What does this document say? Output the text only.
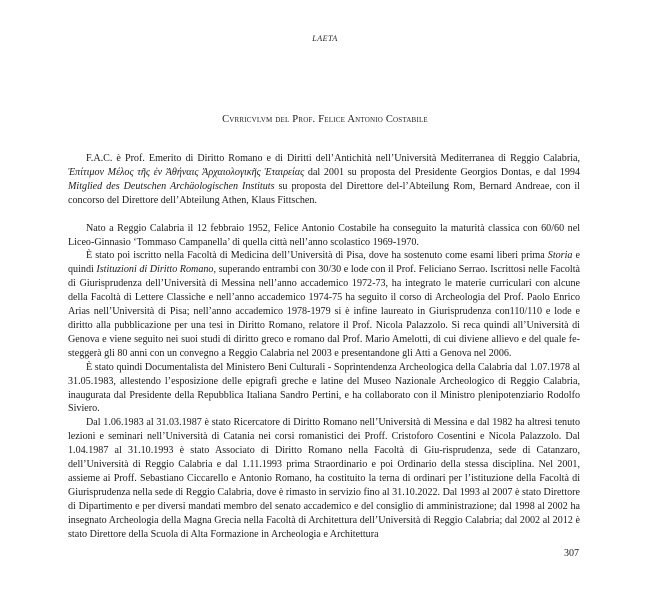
LAETA
Cvrricvlvm del Prof. Felice Antonio Costabile

F.A.C. è Prof. Emerito di Diritto Romano e di Diritti dell’Antichità nell’Università Mediterranea di Reggio Calabria, Ἐπίτιμον Μέλος τῆς ἐν Ἀθήναις Ἀρχαιολογικῆς Ἑταιρείας dal 2001 su proposta del Presidente Georgios Dontas, e dal 1994 Mitglied des Deutschen Archäologischen Instituts su proposta del Direttore del-l’Abteilung Rom, Bernard Andreae, con il concorso del Direttore dell’Abteilung Athen, Klaus Fittschen.

Nato a Reggio Calabria il 12 febbraio 1952, Felice Antonio Costabile ha conseguito la maturità classica con 60/60 nel Liceo-Ginnasio ‘Tommaso Campanella’ di quella città nell’anno scolastico 1969-1970.

È stato poi iscritto nella Facoltà di Medicina dell’Università di Pisa, dove ha sostenuto come esami liberi prima Storia e quindi Istituzioni di Diritto Romano, superando entrambi con 30/30 e lode con il Prof. Feliciano Serrao. Iscrittosi nelle Facoltà di Giurisprudenza dell’Università di Messina nell’anno accademico 1972-73, ha integrato le materie curriculari con alcune della Facoltà di Lettere Classiche e nell’anno accademico 1974-75 ha seguito il corso di Archeologia del Prof. Paolo Enrico Arias nell’Università di Pisa; nell’anno accademico 1978-1979 si è infine laureato in Giurisprudenza con110/110 e lode e diritto alla pubblicazione per una tesi in Diritto Romano, relatore il Prof. Nicola Palazzolo. Si reca quindi all’Università di Genova e viene seguito nei suoi studi di diritto greco e romano dal Prof. Mario Amelotti, di cui diviene allievo e del quale fe-steggerà gli 80 anni con un convegno a Reggio Calabria nel 2003 e presentandone gli Atti a Genova nel 2006.

È stato quindi Documentalista del Ministero Beni Culturali - Soprintendenza Archeologica della Calabria dal 1.07.1978 al 31.05.1983, allestendo l’esposizione delle epigrafi greche e latine del Museo Nazionale Archeologico di Reggio Calabria, inaugurata dal Presidente della Repubblica Italiana Sandro Pertini, e ha collaborato con il Ministro plenipotenziario Rodolfo Siviero.

Dal 1.06.1983 al 31.03.1987 è stato Ricercatore di Diritto Romano nell’Università di Messina e dal 1982 ha altresì tenuto lezioni e seminari nell’Università di Catania nei corsi romanistici dei Proff. Cristoforo Cosentini e Nicola Palazzolo. Dal 1.04.1987 al 31.10.1993 è stato Associato di Diritto Romano nella Facoltà di Giu-risprudenza, sede di Catanzaro, dell’Università di Reggio Calabria e dal 1.11.1993 prima Straordinario e poi Ordinario della stessa disciplina. Nel 2001, assieme ai Proff. Sebastiano Ciccarello e Antonio Romano, ha costituito la terna di ordinari per l’istituzione della Facoltà di Giurisprudenza nella sede di Reggio Calabria, dove è rimasto in servizio fino al 31.10.2022. Dal 1993 al 2007 è stato Direttore di Dipartimento e per diversi mandati membro del senato accademico e del consiglio di amministrazione; dal 1998 al 2002 ha insegnato Archeologia della Magna Grecia nella Facoltà di Architettura dell’Università di Reggio Calabria; dal 2002 al 2012 è stato Direttore della Scuola di Alta Formazione in Archeologia e Architettura

307
